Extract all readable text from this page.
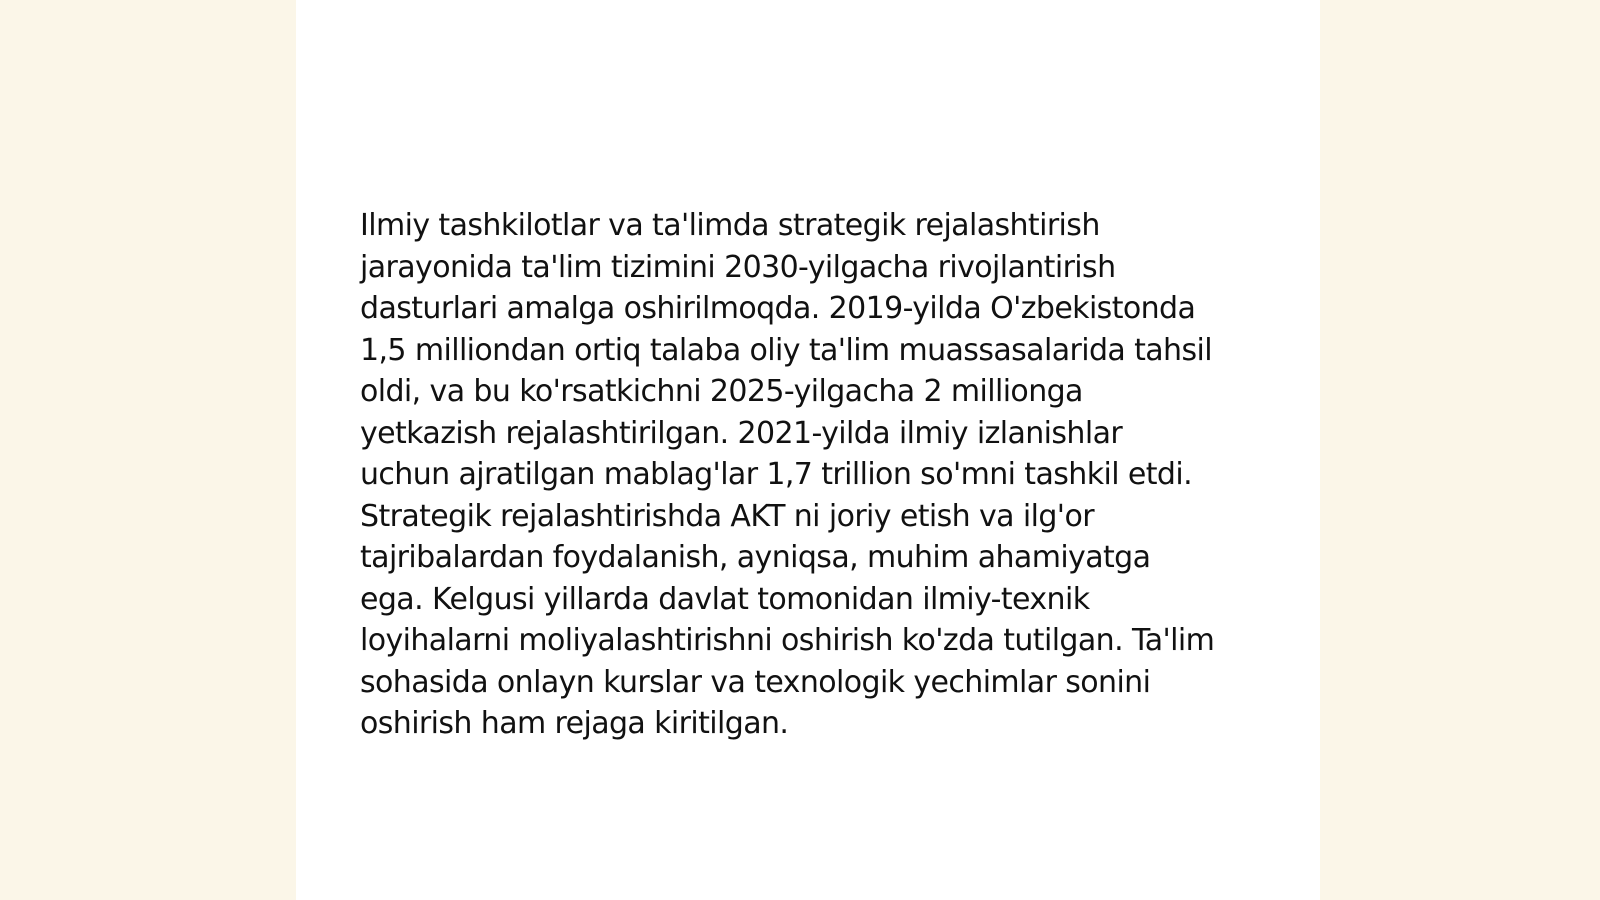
Ilmiy tashkilotlar va ta'limda strategik rejalashtirish jarayonida ta'lim tizimini 2030-yilgacha rivojlantirish dasturlari amalga oshirilmoqda. 2019-yilda O'zbekistonda 1,5 milliondan ortiq talaba oliy ta'lim muassasalarida tahsil oldi, va bu ko'rsatkichni 2025-yilgacha 2 millionga yetkazish rejalashtirilgan. 2021-yilda ilmiy izlanishlar uchun ajratilgan mablag'lar 1,7 trillion so'mni tashkil etdi. Strategik rejalashtirishda AKT ni joriy etish va ilg'or tajribalardan foydalanish, ayniqsa, muhim ahamiyatga ega. Kelgusi yillarda davlat tomonidan ilmiy-texnik loyihalarni moliyalashtirishni oshirish ko'zda tutilgan. Ta'lim sohasida onlayn kurslar va texnologik yechimlar sonini oshirish ham rejaga kiritilgan.
